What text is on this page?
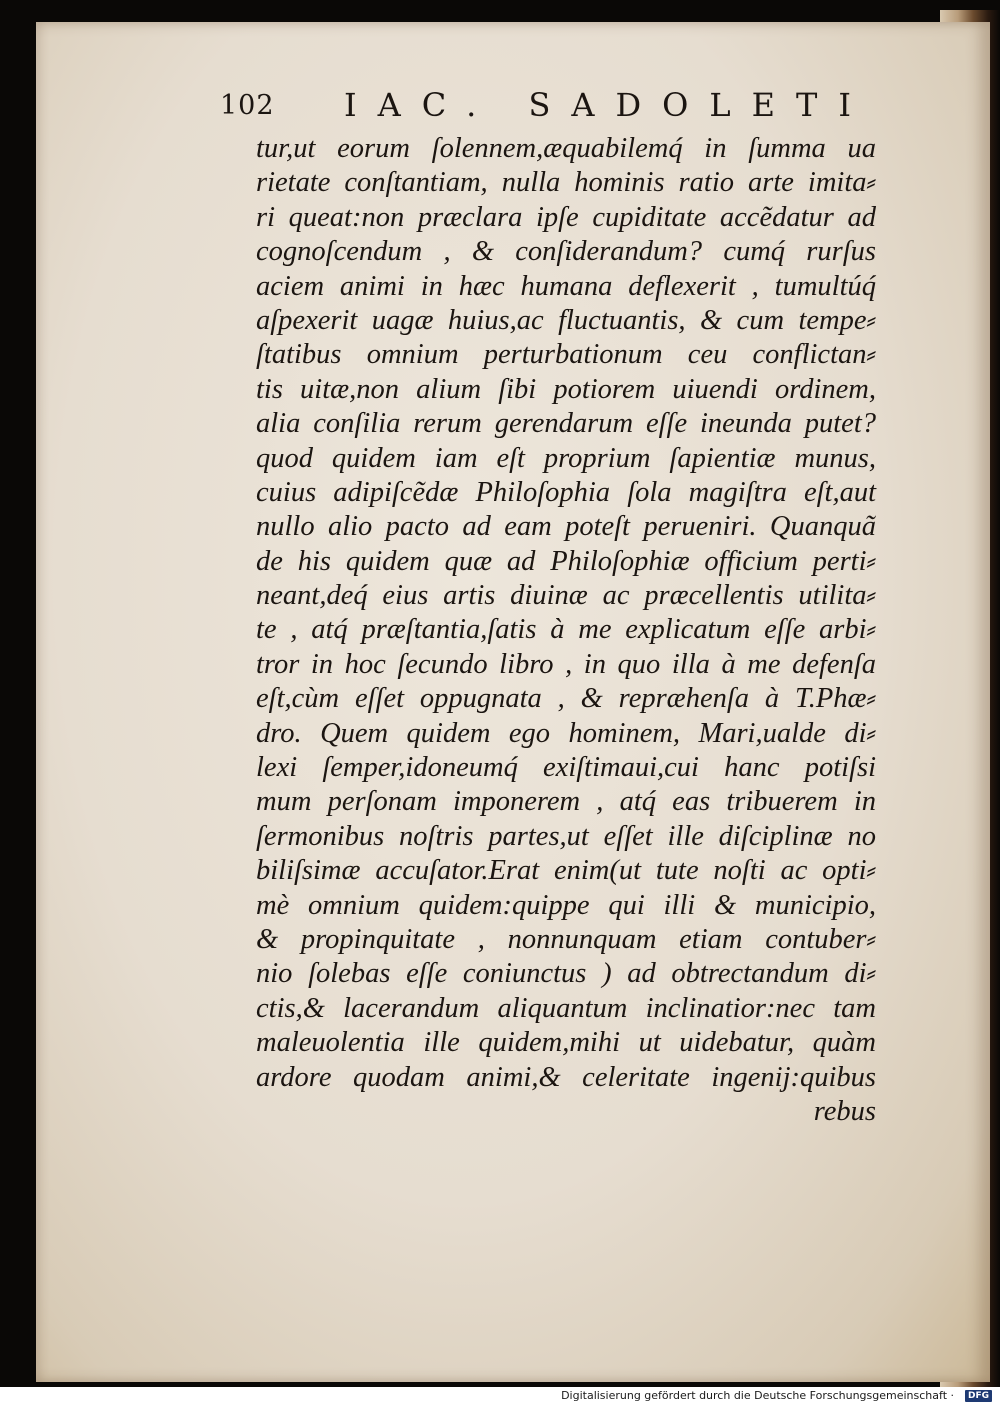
102 IAC. SADOLETI
tur,ut eorum ſolennem,æquabilemq́ in ſumma ua
rietate conſtantiam, nulla hominis ratio arte imita⸗
ri queat:non præclara ipſe cupiditate accẽdatur ad
cognoſcendum , & conſiderandum? cumq́ rurſus
aciem animi in hæc humana deflexerit , tumultúq́
aſpexerit uagæ huius,ac fluctuantis, & cum tempe⸗
ſtatibus omnium perturbationum ceu conflictan⸗
tis uitæ,non alium ſibi potiorem uiuendi ordinem,
alia conſilia rerum gerendarum eſſe ineunda putet?
quod quidem iam eſt proprium ſapientiæ munus,
cuius adipiſcẽdæ Philoſophia ſola magiſtra eſt,aut
nullo alio pacto ad eam poteſt perueniri. Quanquã
de his quidem quæ ad Philoſophiæ officium perti⸗
neant,deq́ eius artis diuinæ ac præcellentis utilita⸗
te , atq́ præſtantia,ſatis à me explicatum eſſe arbi⸗
tror in hoc ſecundo libro , in quo illa à me defenſa
eſt,cùm eſſet oppugnata , & repræhenſa à T.Phæ⸗
dro. Quem quidem ego hominem, Mari,ualde di⸗
lexi ſemper,idoneumq́ exiſtimaui,cui hanc potiſsi
mum perſonam imponerem , atq́ eas tribuerem in
ſermonibus noſtris partes,ut eſſet ille diſciplinæ no
biliſsimæ accuſator.Erat enim(ut tute noſti ac opti⸗
mè omnium quidem:quippe qui illi & municipio,
& propinquitate , nonnunquam etiam contuber⸗
nio ſolebas eſſe coniunctus ) ad obtrectandum di⸗
ctis,& lacerandum aliquantum inclinatior:nec tam
maleuolentia ille quidem,mihi ut uidebatur, quàm
ardore quodam animi,& celeritate ingenij:quibus
rebus
Digitalisierung gefördert durch die Deutsche Forschungsgemeinschaft ·	DFG
